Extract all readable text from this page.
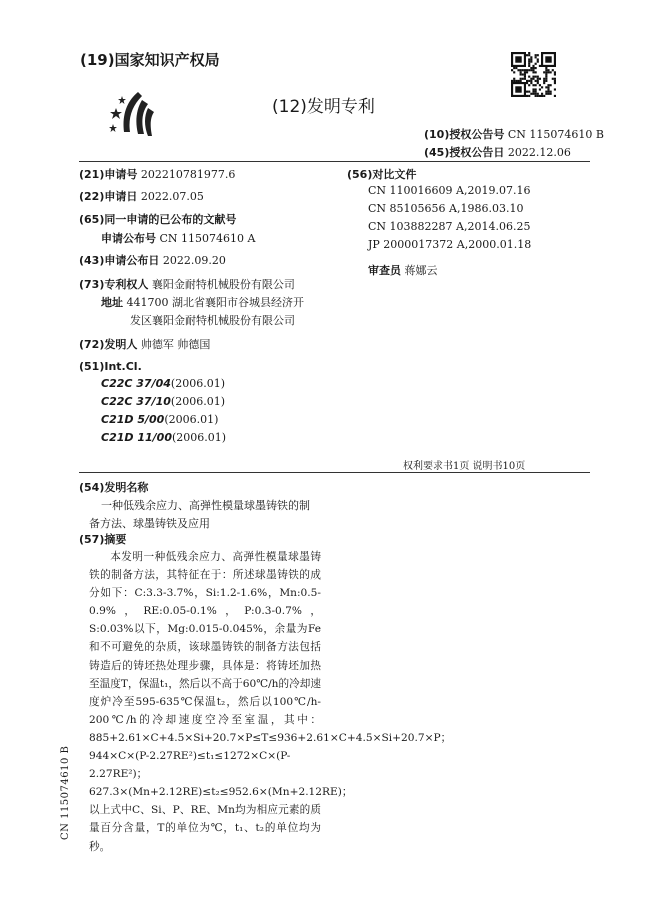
(19)国家知识产权局
(12)发明专利
(10)授权公告号 CN 115074610 B
(45)授权公告日 2022.12.06
(21)申请号 202210781977.6
(22)申请日 2022.07.05
(65)同一申请的已公布的文献号
申请公布号 CN 115074610 A
(43)申请公布日 2022.09.20
(73)专利权人 襄阳金耐特机械股份有限公司
地址 441700 湖北省襄阳市谷城县经济开
发区襄阳金耐特机械股份有限公司
(72)发明人 帅德军 帅德国
(51)Int.Cl.
C22C 37/04(2006.01)
C22C 37/10(2006.01)
C21D 5/00(2006.01)
C21D 11/00(2006.01)
(56)对比文件
CN 110016609 A,2019.07.16
CN 85105656 A,1986.03.10
CN 103882287 A,2014.06.25
JP 2000017372 A,2000.01.18
审查员 蒋娜云
权利要求书1页 说明书10页
(54)发明名称
一种低残余应力、高弹性模量球墨铸铁的制
备方法、球墨铸铁及应用
(57)摘要

本发明一种低残余应力、高弹性模量球墨铸铁的制备方法，其特征在于：所述球墨铸铁的成分如下：C:3.3-3.7%，Si:1.2-1.6%，Mn:0.5-0.9%，RE:0.05-0.1%，P:0.3-0.7%，S:0.03%以下，Mg:0.015-0.045%，余量为Fe和不可避免的杂质，该球墨铸铁的制备方法包括铸造后的铸坯热处理步骤，具体是：将铸坯加热至温度T，保温t₁，然后以不高于60℃/h的冷却速度炉冷至595-635℃保温t₂，然后以100℃/h-200℃/h的冷却速度空冷至室温，其中：885+2.61×C+4.5×Si+20.7×P≤T≤936+2.61×C+4.5×Si+20.7×P；944×C×(P-2.27RE²)≤t₁≤1272×C×(P-2.27RE²)；627.3×(Mn+2.12RE)≤t₂≤952.6×(Mn+2.12RE)；以上式中C、Si、P、RE、Mn均为相应元素的质量百分含量，T的单位为℃，t₁、t₂的单位均为秒。

CN 115074610 B
